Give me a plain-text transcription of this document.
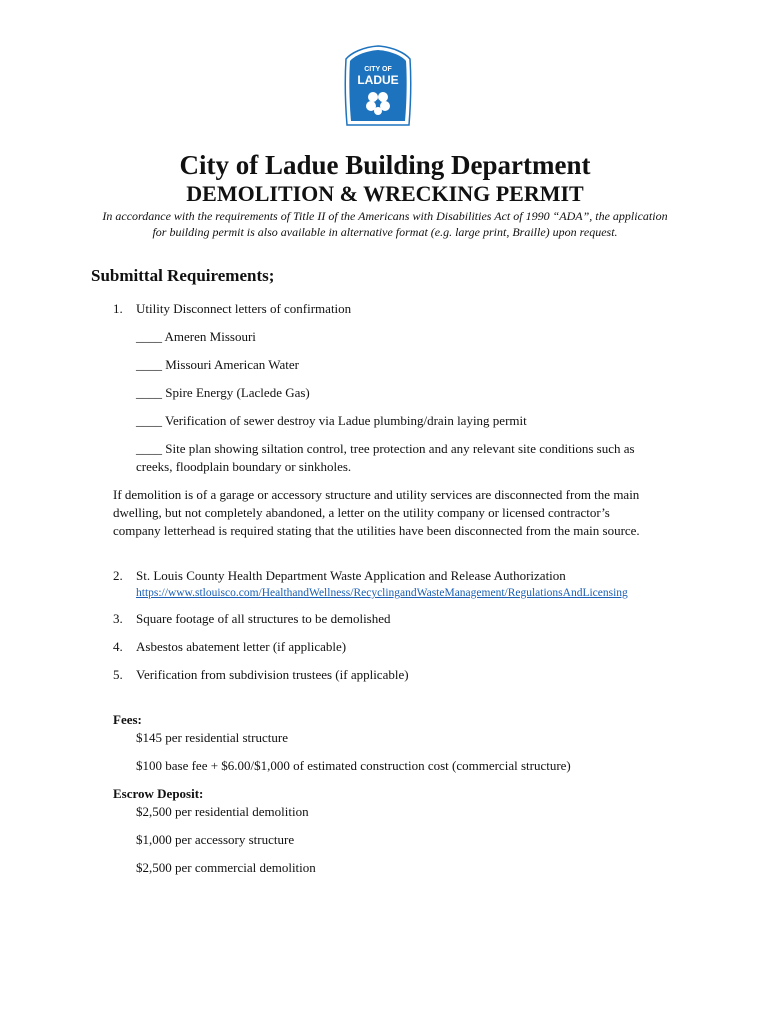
CITY OF
LADUE
City of Ladue Building Department
DEMOLITION & WRECKING PERMIT
In accordance with the requirements of Title II of the Americans with Disabilities Act of 1990 “ADA”, the application
for building permit is also available in alternative format (e.g. large print, Braille) upon request.
Submittal Requirements;
1. Utility Disconnect letters of confirmation
____ Ameren Missouri
____ Missouri American Water
____ Spire Energy (Laclede Gas)
____ Verification of sewer destroy via Ladue plumbing/drain laying permit
____ Site plan showing siltation control, tree protection and any relevant site conditions such as
creeks, floodplain boundary or sinkholes.
If demolition is of a garage or accessory structure and utility services are disconnected from the main
dwelling, but not completely abandoned, a letter on the utility company or licensed contractor’s
company letterhead is required stating that the utilities have been disconnected from the main source.
2. St. Louis County Health Department Waste Application and Release Authorization
https://www.stlouisco.com/HealthandWellness/RecyclingandWasteManagement/RegulationsAndLicensing
3. Square footage of all structures to be demolished
4. Asbestos abatement letter (if applicable)
5. Verification from subdivision trustees (if applicable)
Fees:
$145 per residential structure
$100 base fee + $6.00/$1,000 of estimated construction cost (commercial structure)
Escrow Deposit:
$2,500 per residential demolition
$1,000 per accessory structure
$2,500 per commercial demolition
